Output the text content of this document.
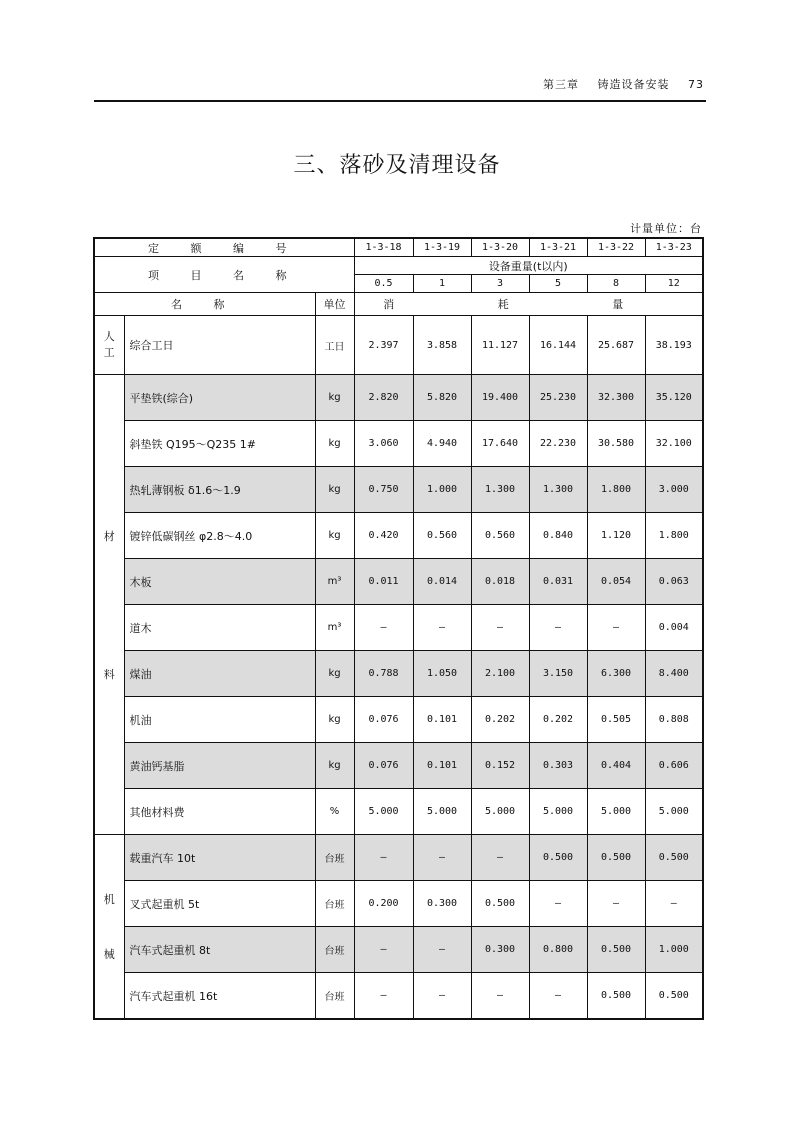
第三章 铸造设备安装 73
三、落砂及清理设备
计量单位：台
定 额 编 号			1-3-18	1-3-19	1-3-20	1-3-21	1-3-22	1-3-23
项 目 名 称			设备重量(t以内)					
			0.5	1	3	5	8	12
名 称		单位	消 耗 量					

人
工	综合工日	工日	2.397	3.858	11.127	16.144	25.687	38.193

材
料	平垫铁(综合)	kg	2.820	5.820	19.400	25.230	32.300	35.120
	斜垫铁 Q195～Q235 1#	kg	3.060	4.940	17.640	22.230	30.580	32.100
	热轧薄钢板 δ1.6～1.9	kg	0.750	1.000	1.300	1.300	1.800	3.000
	镀锌低碳钢丝 φ2.8～4.0	kg	0.420	0.560	0.560	0.840	1.120	1.800
	木板	m³	0.011	0.014	0.018	0.031	0.054	0.063
	道木	m³	—	—	—	—	—	0.004
	煤油	kg	0.788	1.050	2.100	3.150	6.300	8.400
	机油	kg	0.076	0.101	0.202	0.202	0.505	0.808
	黄油钙基脂	kg	0.076	0.101	0.152	0.303	0.404	0.606
	其他材料费	%	5.000	5.000	5.000	5.000	5.000	5.000

机
械	载重汽车 10t	台班	—	—	—	0.500	0.500	0.500
	叉式起重机 5t	台班	0.200	0.300	0.500	—	—	—
	汽车式起重机 8t	台班	—	—	0.300	0.800	0.500	1.000
	汽车式起重机 16t	台班	—	—	—	—	0.500	0.500
